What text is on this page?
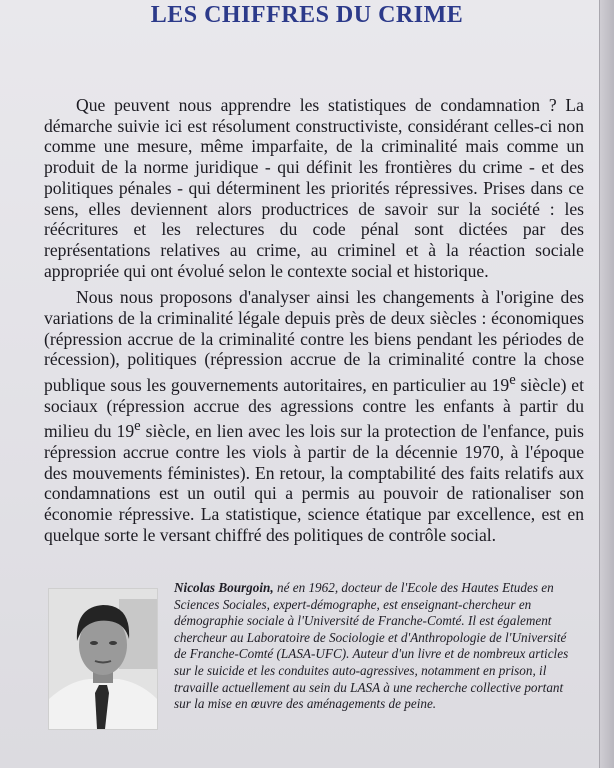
LES CHIFFRES DU CRIME

Que peuvent nous apprendre les statistiques de condamnation ? La démarche suivie ici est résolument constructiviste, considérant celles-ci non comme une mesure, même imparfaite, de la criminalité mais comme un produit de la norme juridique - qui définit les frontières du crime - et des politiques pénales - qui déterminent les priorités répressives. Prises dans ce sens, elles deviennent alors productrices de savoir sur la société : les réécritures et les relectures du code pénal sont dictées par des représentations relatives au crime, au criminel et à la réaction sociale appropriée qui ont évolué selon le contexte social et historique.

Nous nous proposons d'analyser ainsi les changements à l'origine des variations de la criminalité légale depuis près de deux siècles : économiques (répression accrue de la criminalité contre les biens pendant les périodes de récession), politiques (répression accrue de la criminalité contre la chose publique sous les gouvernements autoritaires, en particulier au 19e siècle) et sociaux (répression accrue des agressions contre les enfants à partir du milieu du 19e siècle, en lien avec les lois sur la protection de l'enfance, puis répression accrue contre les viols à partir de la décennie 1970, à l'époque des mouvements féministes). En retour, la comptabilité des faits relatifs aux condamnations est un outil qui a permis au pouvoir de rationaliser son économie répressive. La statistique, science étatique par excellence, est en quelque sorte le versant chiffré des politiques de contrôle social.

Nicolas Bourgoin, né en 1962, docteur de l'Ecole des Hautes Etudes en Sciences Sociales, expert-démographe, est enseignant-chercheur en démographie sociale à l'Université de Franche-Comté. Il est également chercheur au Laboratoire de Sociologie et d'Anthropologie de l'Université de Franche-Comté (LASA-UFC). Auteur d'un livre et de nombreux articles sur le suicide et les conduites auto-agressives, notamment en prison, il travaille actuellement au sein du LASA à une recherche collective portant sur la mise en œuvre des aménagements de peine.
